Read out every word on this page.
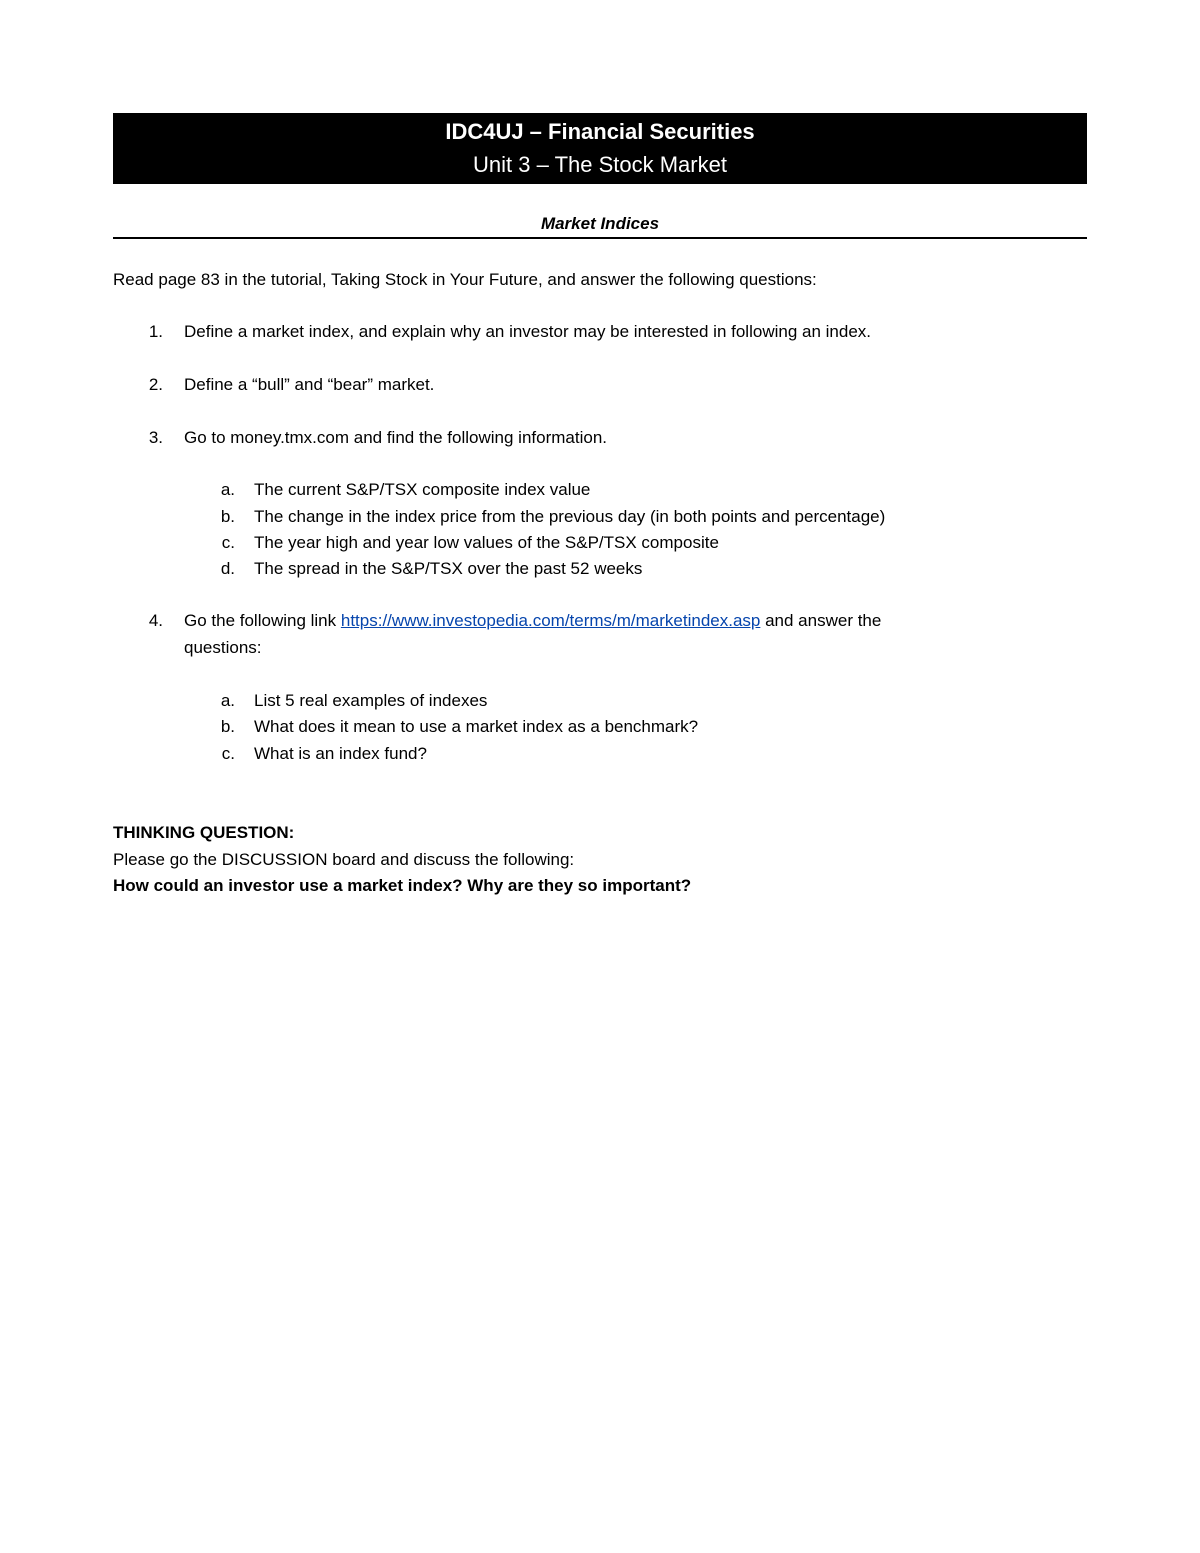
IDC4UJ – Financial Securities
Unit 3 – The Stock Market
Market Indices
Read page 83 in the tutorial, Taking Stock in Your Future, and answer the following questions:
1. Define a market index, and explain why an investor may be interested in following an index.
2. Define a “bull” and “bear” market.
3. Go to money.tmx.com and find the following information.
a. The current S&P/TSX composite index value
b. The change in the index price from the previous day (in both points and percentage)
c. The year high and year low values of the S&P/TSX composite
d. The spread in the S&P/TSX over the past 52 weeks
4. Go the following link https://www.investopedia.com/terms/m/marketindex.asp and answer the
questions:
a. List 5 real examples of indexes
b. What does it mean to use a market index as a benchmark?
c. What is an index fund?
THINKING QUESTION:
Please go the DISCUSSION board and discuss the following:
How could an investor use a market index? Why are they so important?
